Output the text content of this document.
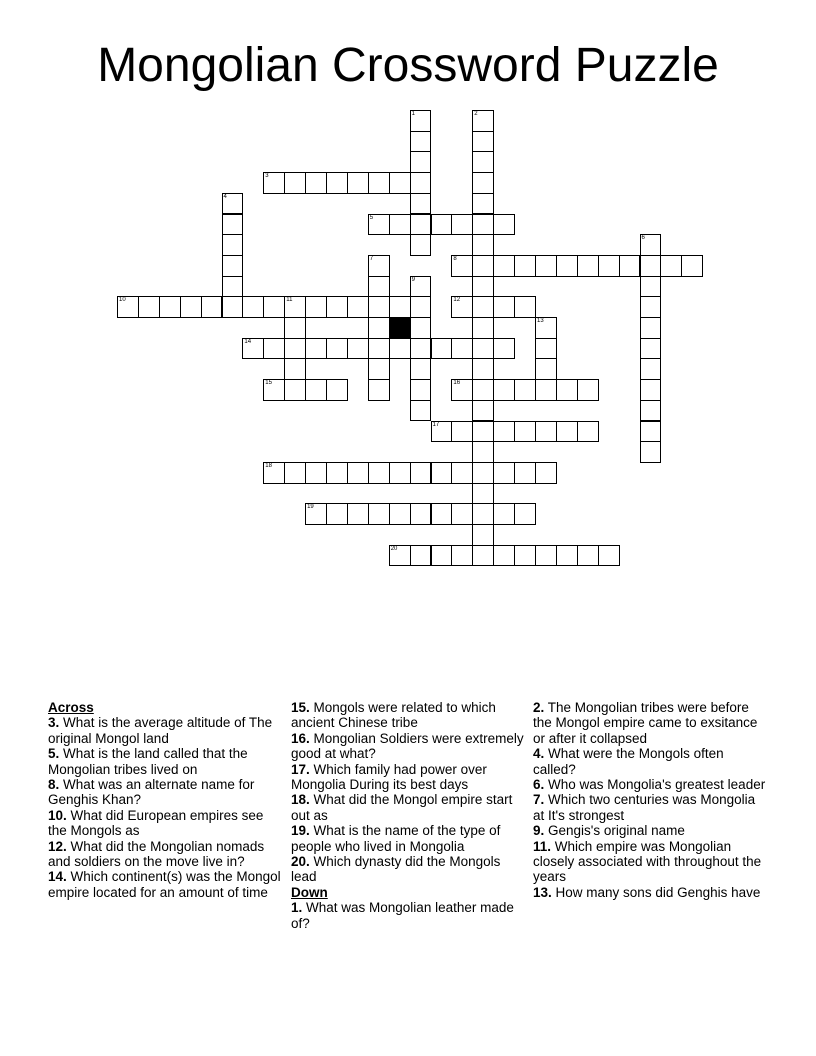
Mongolian Crossword Puzzle
1	2
3
4
5
6
7	8
9
10	11	12
13
14
15	16
17
18
19
20
Across
3. What is the average altitude of The original Mongol land
5. What is the land called that the Mongolian tribes lived on
8. What was an alternate name for Genghis Khan?
10. What did European empires see the Mongols as
12. What did the Mongolian nomads and soldiers on the move live in?
14. Which continent(s) was the Mongol empire located for an amount of time
15. Mongols were related to which ancient Chinese tribe
16. Mongolian Soldiers were extremely good at what?
17. Which family had power over Mongolia During its best days
18. What did the Mongol empire start out as
19. What is the name of the type of people who lived in Mongolia
20. Which dynasty did the Mongols lead
Down
1. What was Mongolian leather made of?
2. The Mongolian tribes were before the Mongol empire came to exsitance or after it collapsed
4. What were the Mongols often called?
6. Who was Mongolia's greatest leader
7. Which two centuries was Mongolia at It's strongest
9. Gengis's original name
11. Which empire was Mongolian closely associated with throughout the years
13. How many sons did Genghis have
